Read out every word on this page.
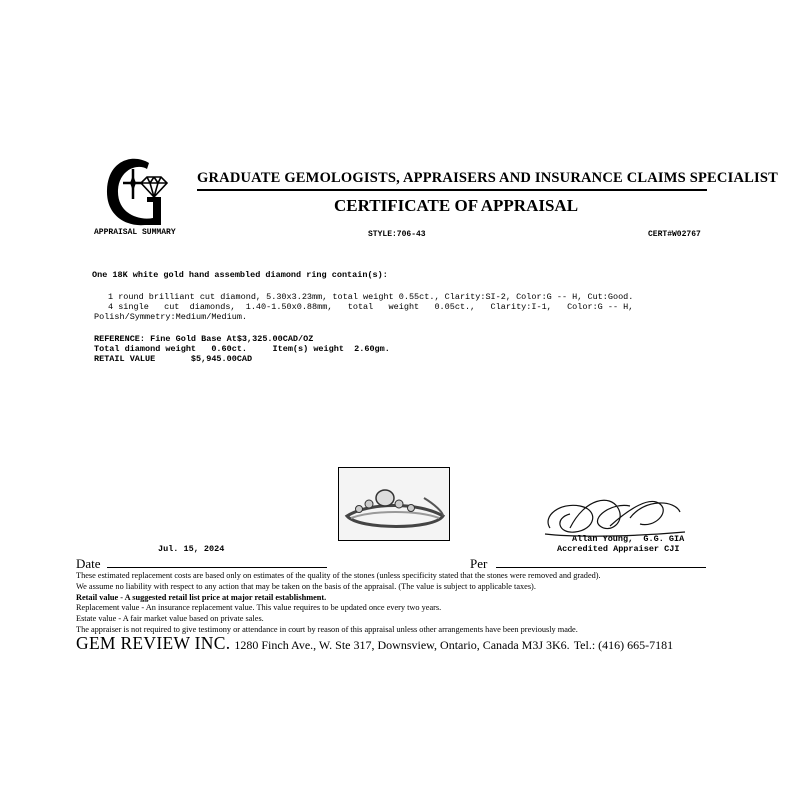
GRADUATE GEMOLOGISTS, APPRAISERS AND INSURANCE CLAIMS SPECIALIST
CERTIFICATE OF APPRAISAL
APPRAISAL SUMMARY	STYLE:706-43	CERT#W02767
One 18K white gold hand assembled diamond ring contain(s):
1 round brilliant cut diamond, 5.30x3.23mm, total weight 0.55ct., Clarity:SI-2, Color:G -- H, Cut:Good.
4 single   cut  diamonds,  1.40-1.50x0.88mm,   total   weight   0.05ct.,   Clarity:I-1,   Color:G -- H,
Polish/Symmetry:Medium/Medium.
REFERENCE: Fine Gold Base At$3,325.00CAD/OZ
Total diamond weight   0.60ct.     Item(s) weight  2.60gm.
RETAIL VALUE       $5,945.00CAD
Jul. 15, 2024
Allan Young,  G.G. GIA
Accredited Appraiser CJI
Date	Per
These estimated replacement costs are based only on estimates of the quality of the stones (unless specificity stated that the stones were removed and graded).
We assume no liability with respect to any action that may be taken on the basis of the appraisal. (The value is subject to applicable taxes).
Retail value - A suggested retail list price at major retail establishment.
Replacement value - An insurance replacement value. This value requires to be updated once every two years.
Estate value - A fair market value based on private sales.
The appraiser is not required to give testimony or attendance in court by reason of this appraisal unless other arrangements have been previously made.
GEM REVIEW INC. 1280 Finch Ave., W. Ste 317, Downsview, Ontario, Canada M3J 3K6. Tel.: (416) 665-7181
